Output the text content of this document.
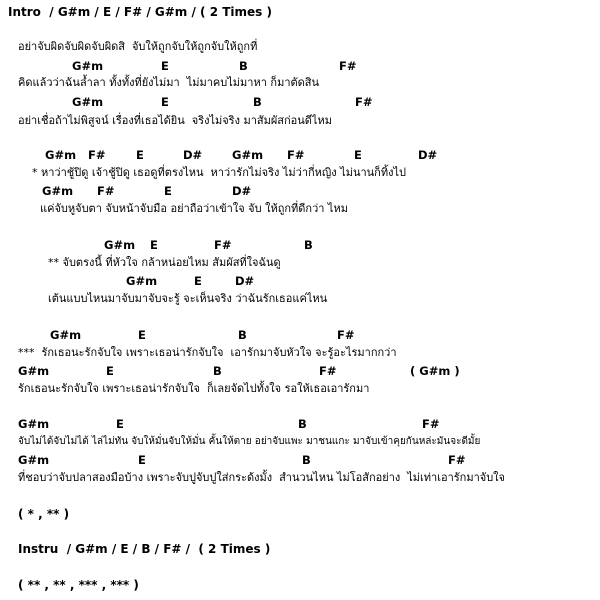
Intro  / G#m / E / F# / G#m / ( 2 Times )
G#m	E	B	F#
อย่าจับผิดจับผิดจับผิดสิ  จับให้ถูกจับให้ถูกจับให้ถูกที่
คิดแล้วว่าฉันล้ำลา ทั้งทั้งที่ยังไม่มา  ไม่มาคบไม่มาหา ก็มาตัดสิน
G#m	E	B	F#
อย่าเชื่อถ้าไม่พิสูจน์ เรื่องที่เธอได้ยิน  จริงไม่จริง มาสัมผัสก่อนดีไหม
G#m F#	E	D#	G#m F#	E	D#
* หาว่าชู้ปิดู เจ้าชู้ปิดู เธอดูที่ตรงไหน  หาว่ารักไม่จริง ไม่ว่ากี่หญิง ไม่นานก็ทิ้งไป
G#m F#	E	D#
แค่จับหูจับตา จับหน้าจับมือ อย่าถือว่าเข้าใจ จับ ให้ถูกที่ดีกว่า ไหม
G#m E	F#	B
** จับตรงนี้ ที่หัวใจ กล้าหน่อยไหม สัมผัสที่ใจฉันดู
G#m	E	D#
เต้นแบบไหนมาจับมาจับจะรู้ จะเห็นจริง ว่าฉันรักเธอแค่ไหน
G#m	E	B	F#
***  รักเธอนะรักจับใจ เพราะเธอน่ารักจับใจ  เอารักมาจับหัวใจ จะรู้อะไรมากกว่า
G#m	E	B	F#	( G#m )
รักเธอนะรักจับใจ เพราะเธอน่ารักจับใจ  ก็เลยจัดไปทั้งใจ รอให้เธอเอารักมา
G#m	E	B	F#
จับไม่ได้จับไม่ได้ ไล่ไม่ทัน จับให้มั่นจับให้มั่น คั้นให้ตาย อย่าจับแพะ มาชนแกะ มาจับเข้าคุยกันหล่ะมันจะดีมั้ย
G#m	E	B	F#
ที่ชอบว่าจับปลาสองมือบ้าง เพราะจับปูจับปูใส่กระด้งมั้ง  สำนวนไหน ไม่โอสักอย่าง  ไม่เท่าเอารักมาจับใจ
( * , ** )
Instru  / G#m / E / B / F# /  ( 2 Times )
( ** , ** , *** , *** )
